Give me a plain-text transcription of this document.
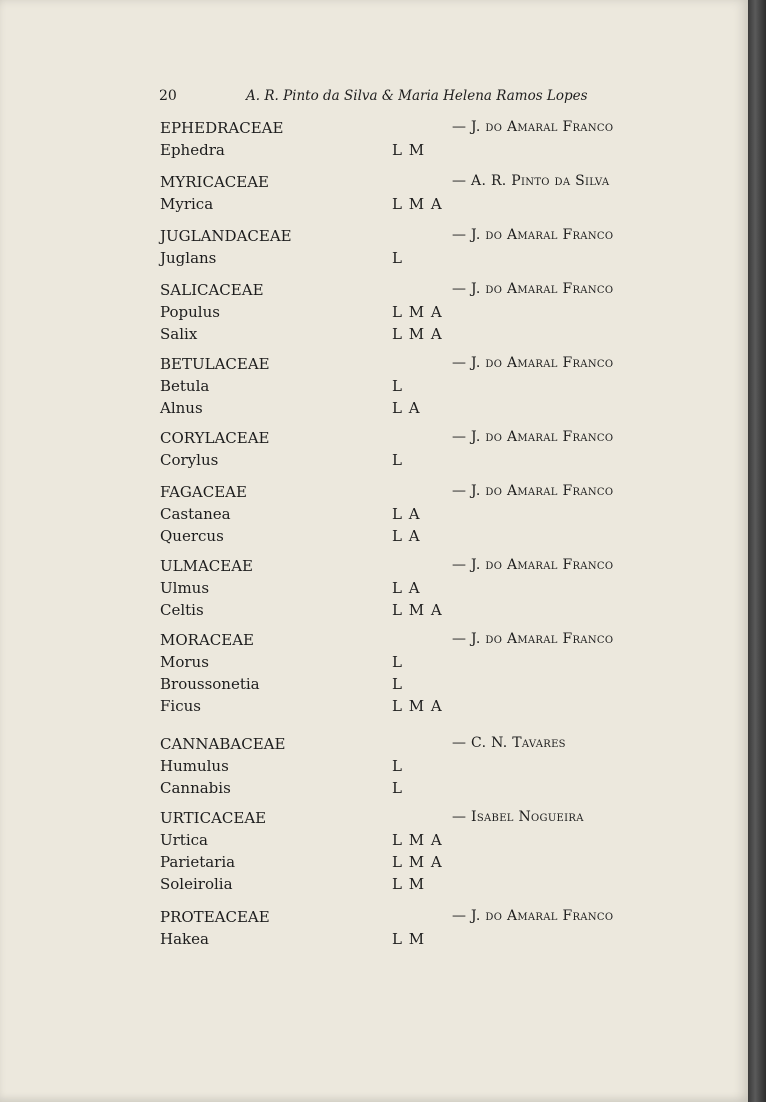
20	A. R. Pinto da Silva & Maria Helena Ramos Lopes
EPHEDRACEAE	— J. do Amaral Franco
Ephedra	L M
MYRICACEAE	— A. R. Pinto da Silva
Myrica	L M A
JUGLANDACEAE	— J. do Amaral Franco
Juglans	L
SALICACEAE	— J. do Amaral Franco
Populus	L M A
Salix	L M A
BETULACEAE	— J. do Amaral Franco
Betula	L
Alnus	L A
CORYLACEAE	— J. do Amaral Franco
Corylus	L
FAGACEAE	— J. do Amaral Franco
Castanea	L A
Quercus	L A
ULMACEAE	— J. do Amaral Franco
Ulmus	L A
Celtis	L M A
MORACEAE	— J. do Amaral Franco
Morus	L
Broussonetia	L
Ficus	L M A
CANNABACEAE	— C. N. Tavares
Humulus	L
Cannabis	L
URTICACEAE	— Isabel Nogueira
Urtica	L M A
Parietaria	L M A
Soleirolia	L M
PROTEACEAE	— J. do Amaral Franco
Hakea	L M
